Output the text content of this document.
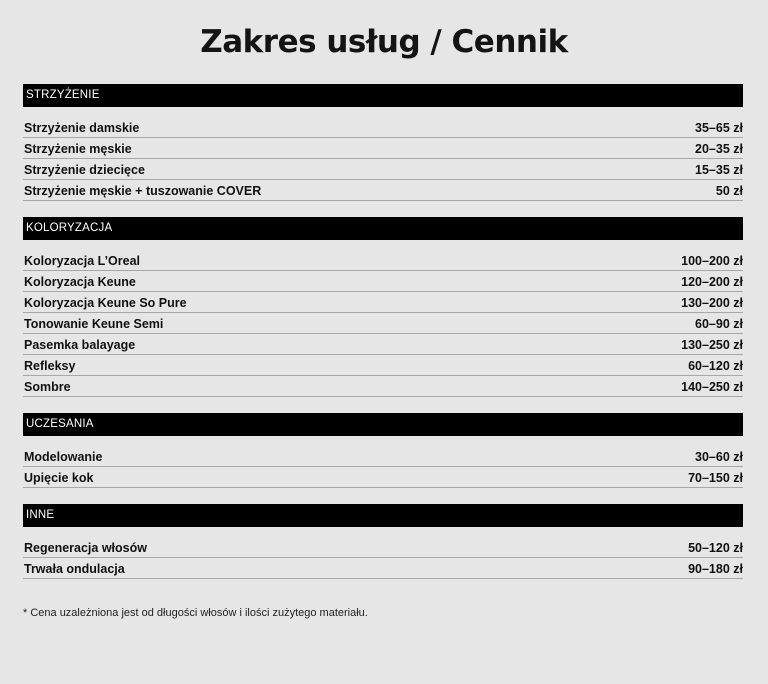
Zakres usług / Cennik
STRZYŻENIE
Strzyżenie damskie	35–65 zł
Strzyżenie męskie	20–35 zł
Strzyżenie dziecięce	15–35 zł
Strzyżenie męskie + tuszowanie COVER	50 zł
KOLORYZACJA
Koloryzacja L’Oreal	100–200 zł
Koloryzacja Keune	120–200 zł
Koloryzacja Keune So Pure	130–200 zł
Tonowanie Keune Semi	60–90 zł
Pasemka balayage	130–250 zł
Refleksy	60–120 zł
Sombre	140–250 zł
UCZESANIA
Modelowanie	30–60 zł
Upięcie kok	70–150 zł
INNE
Regeneracja włosów	50–120 zł
Trwała ondulacja	90–180 zł
* Cena uzależniona jest od długości włosów i ilości zużytego materiału.
